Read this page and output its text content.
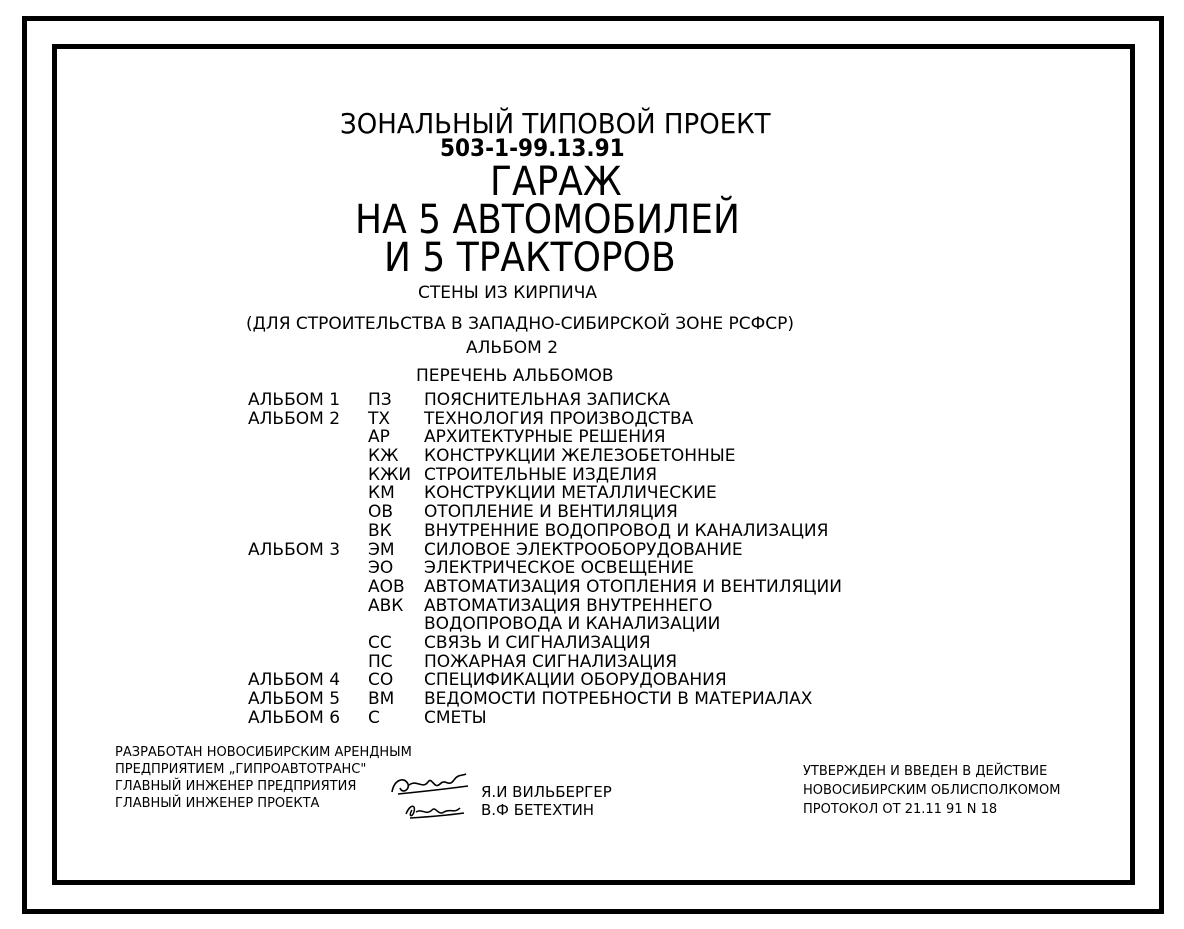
ЗОНАЛЬНЫЙ ТИПОВОЙ ПРОЕКТ
503-1-99.13.91
ГАРАЖ
НА 5 АВТОМОБИЛЕЙ
И 5 ТРАКТОРОВ
СТЕНЫ ИЗ КИРПИЧА
(ДЛЯ СТРОИТЕЛЬСТВА В ЗАПАДНО-СИБИРСКОЙ ЗОНЕ РСФСР)
АЛЬБОМ 2
ПЕРЕЧЕНЬ АЛЬБОМОВ
АЛЬБОМ 1 ПЗ ПОЯСНИТЕЛЬНАЯ ЗАПИСКА
АЛЬБОМ 2 ТХ ТЕХНОЛОГИЯ ПРОИЗВОДСТВА
АР АРХИТЕКТУРНЫЕ РЕШЕНИЯ
КЖ КОНСТРУКЦИИ ЖЕЛЕЗОБЕТОННЫЕ
КЖИ СТРОИТЕЛЬНЫЕ ИЗДЕЛИЯ
КМ КОНСТРУКЦИИ МЕТАЛЛИЧЕСКИЕ
ОВ ОТОПЛЕНИЕ И ВЕНТИЛЯЦИЯ
ВК ВНУТРЕННИЕ ВОДОПРОВОД И КАНАЛИЗАЦИЯ
АЛЬБОМ 3 ЭМ СИЛОВОЕ ЭЛЕКТРООБОРУДОВАНИЕ
ЭО ЭЛЕКТРИЧЕСКОЕ ОСВЕЩЕНИЕ
АОВ АВТОМАТИЗАЦИЯ ОТОПЛЕНИЯ И ВЕНТИЛЯЦИИ
АВК АВТОМАТИЗАЦИЯ ВНУТРЕННЕГО
ВОДОПРОВОДА И КАНАЛИЗАЦИИ
СС СВЯЗЬ И СИГНАЛИЗАЦИЯ
ПС ПОЖАРНАЯ СИГНАЛИЗАЦИЯ
АЛЬБОМ 4 СО СПЕЦИФИКАЦИИ ОБОРУДОВАНИЯ
АЛЬБОМ 5 ВМ ВЕДОМОСТИ ПОТРЕБНОСТИ В МАТЕРИАЛАХ
АЛЬБОМ 6 С	СМЕТЫ
РАЗРАБОТАН НОВОСИБИРСКИМ АРЕНДНЫМ
ПРЕДПРИЯТИЕМ „ГИПРОАВТОТРАНС"
ГЛАВНЫЙ ИНЖЕНЕР ПРЕДПРИЯТИЯ
ГЛАВНЫЙ ИНЖЕНЕР ПРОЕКТА
Я.И ВИЛЬБЕРГЕР
В.Ф БЕТЕХТИН
УТВЕРЖДЕН И ВВЕДЕН В ДЕЙСТВИЕ
НОВОСИБИРСКИМ ОБЛИСПОЛКОМОМ
ПРОТОКОЛ ОТ 21.11 91 N 18
